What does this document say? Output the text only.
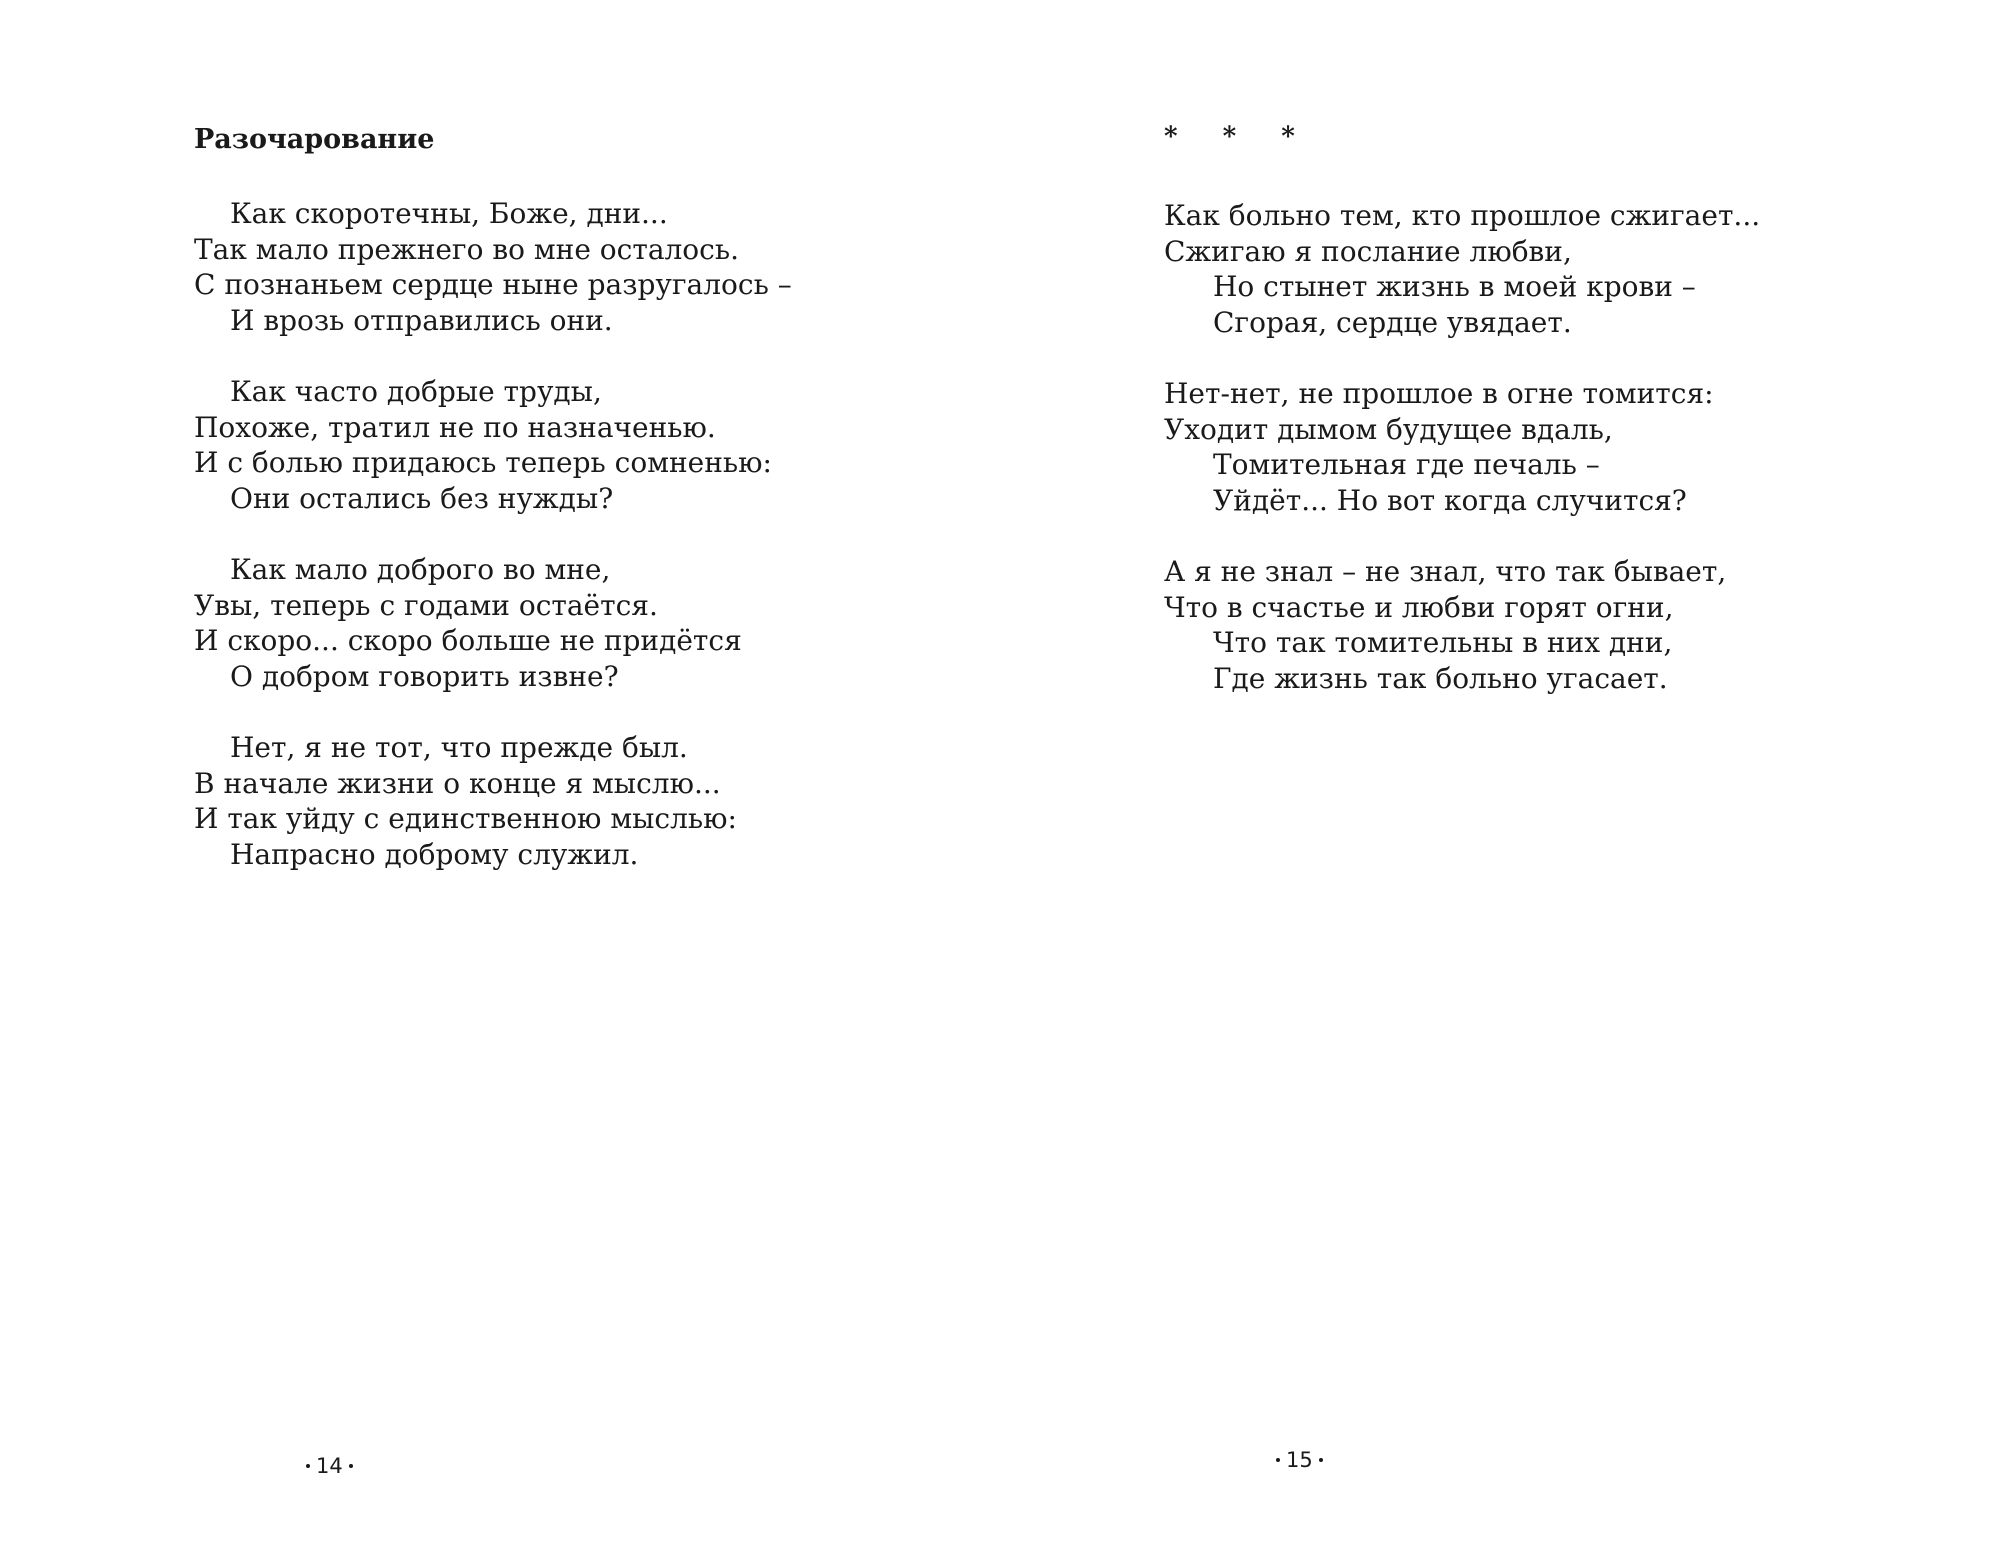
Разочарование
Как скоротечны, Боже, дни...
Так мало прежнего во мне осталось.
С познаньем сердце ныне разругалось –
И врозь отправились они.
Как часто добрые труды,
Похоже, тратил не по назначенью.
И с болью придаюсь теперь сомненью:
Они остались без нужды?
Как мало доброго во мне,
Увы, теперь с годами остаётся.
И скоро... скоро больше не придётся
О добром говорить извне?
Нет, я не тот, что прежде был.
В начале жизни о конце я мыслю...
И так уйду с единственною мыслью:
Напрасно доброму служил.
14
* * *
Как больно тем, кто прошлое сжигает...
Сжигаю я послание любви,
Но стынет жизнь в моей крови –
Сгорая, сердце увядает.
Нет-нет, не прошлое в огне томится:
Уходит дымом будущее вдаль,
Томительная где печаль –
Уйдёт... Но вот когда случится?
А я не знал – не знал, что так бывает,
Что в счастье и любви горят огни,
Что так томительны в них дни,
Где жизнь так больно угасает.
15
